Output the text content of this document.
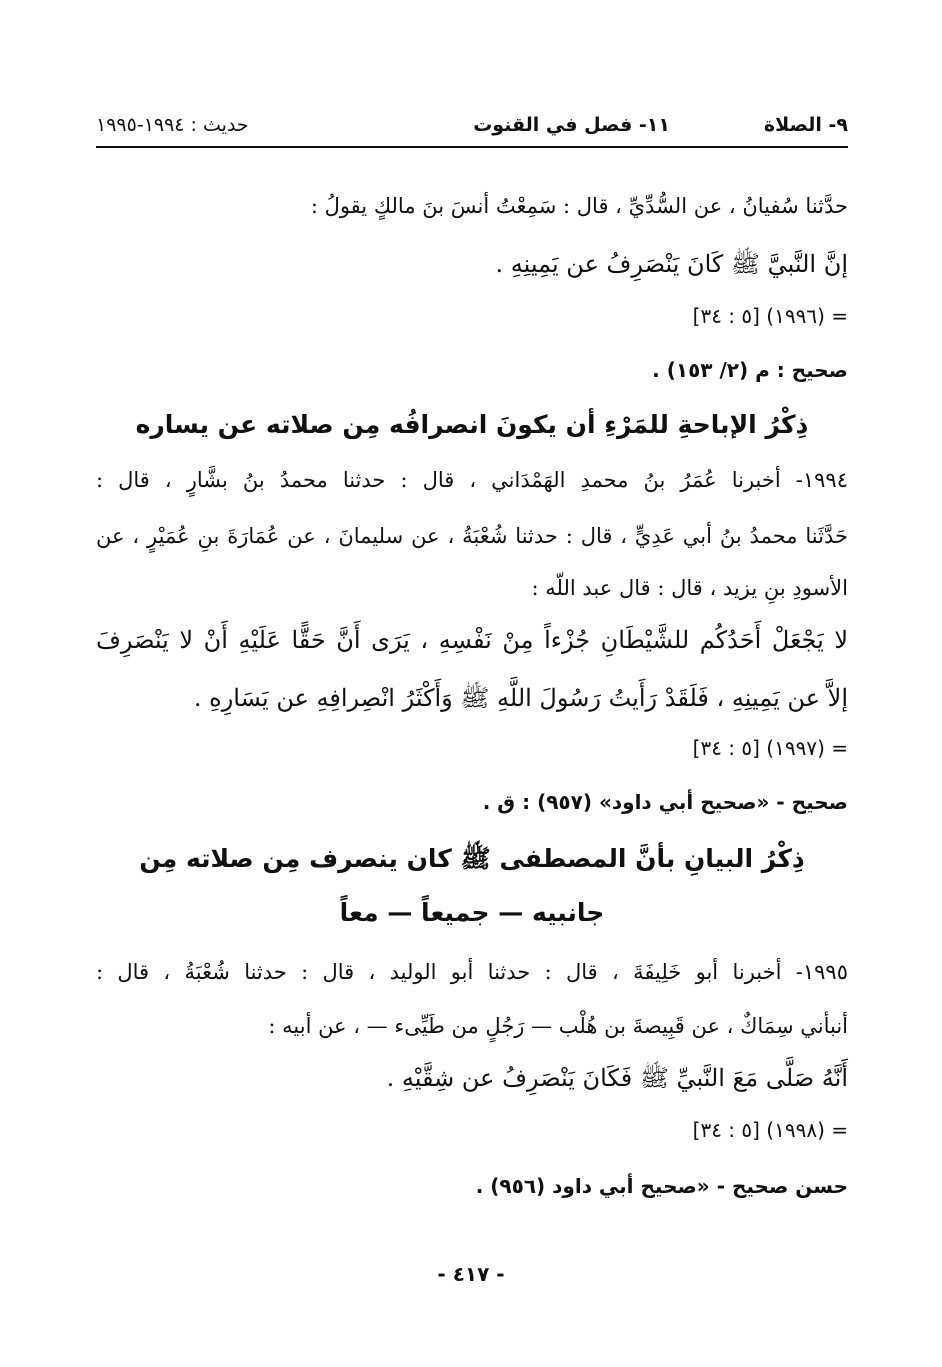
٩- الصلاة
١١- فصل في القنوت
حديث : ١٩٩٤-١٩٩٥
حدَّثنا سُفيانُ ، عن السُّدِّيِّ ، قال : سَمِعْتُ أنسَ بنَ مالكٍ يقولُ :
إنَّ النَّبيَّ ﷺ كَانَ يَنْصَرِفُ عن يَمِينِهِ .
= (١٩٩٦) [٥ : ٣٤]
صحيح : م (٢/ ١٥٣) .
ذِكْرُ الإباحةِ للمَرْءِ أن يكونَ انصرافُه مِن صلاته عن يساره
١٩٩٤- أخبرنا عُمَرُ بنُ محمدِ الهَمْدَاني ، قال : حدثنا محمدُ بنُ بشَّارٍ ، قال :
حَدَّثَنا محمدُ بنُ أبي عَدِيٍّ ، قال : حدثنا شُعْبَةُ ، عن سليمانَ ، عن عُمَارَةَ بنِ عُمَيْرٍ ، عن
الأسودِ بنِ يزيد ، قال : قال عبد اللّه :
لا يَجْعَلْ أَحَدُكُم للشَّيْطَانِ جُزْءاً مِنْ نَفْسِهِ ، يَرَى أَنَّ حَقًّا عَلَيْهِ أَنْ لا يَنْصَرِفَ
إلاَّ عن يَمِينِهِ ، فَلَقَدْ رَأَيتُ رَسُولَ اللَّهِ ﷺ وَأَكْثَرُ انْصِرافِهِ عن يَسَارِهِ .
= (١٩٩٧) [٥ : ٣٤]
صحيح - «صحيح أبي داود» (٩٥٧) : ق .
ذِكْرُ البيانِ بأنَّ المصطفى ﷺ كان ينصرف مِن صلاته مِن
جانبيه — جميعاً — معاً
١٩٩٥- أخبرنا أبو خَلِيفَةَ ، قال : حدثنا أبو الوليد ، قال : حدثنا شُعْبَةُ ، قال :
أنبأني سِمَاكٌ ، عن قَبِيصةَ بن هُلْب — رَجُلٍ من طَيِّىء — ، عن أبيه :
أَنَّهُ صَلَّى مَعَ النَّبيِّ ﷺ فَكَانَ يَنْصَرِفُ عن شِقَّيْهِ .
= (١٩٩٨) [٥ : ٣٤]
حسن صحيح - «صحيح أبي داود (٩٥٦) .
- ٤١٧ -
